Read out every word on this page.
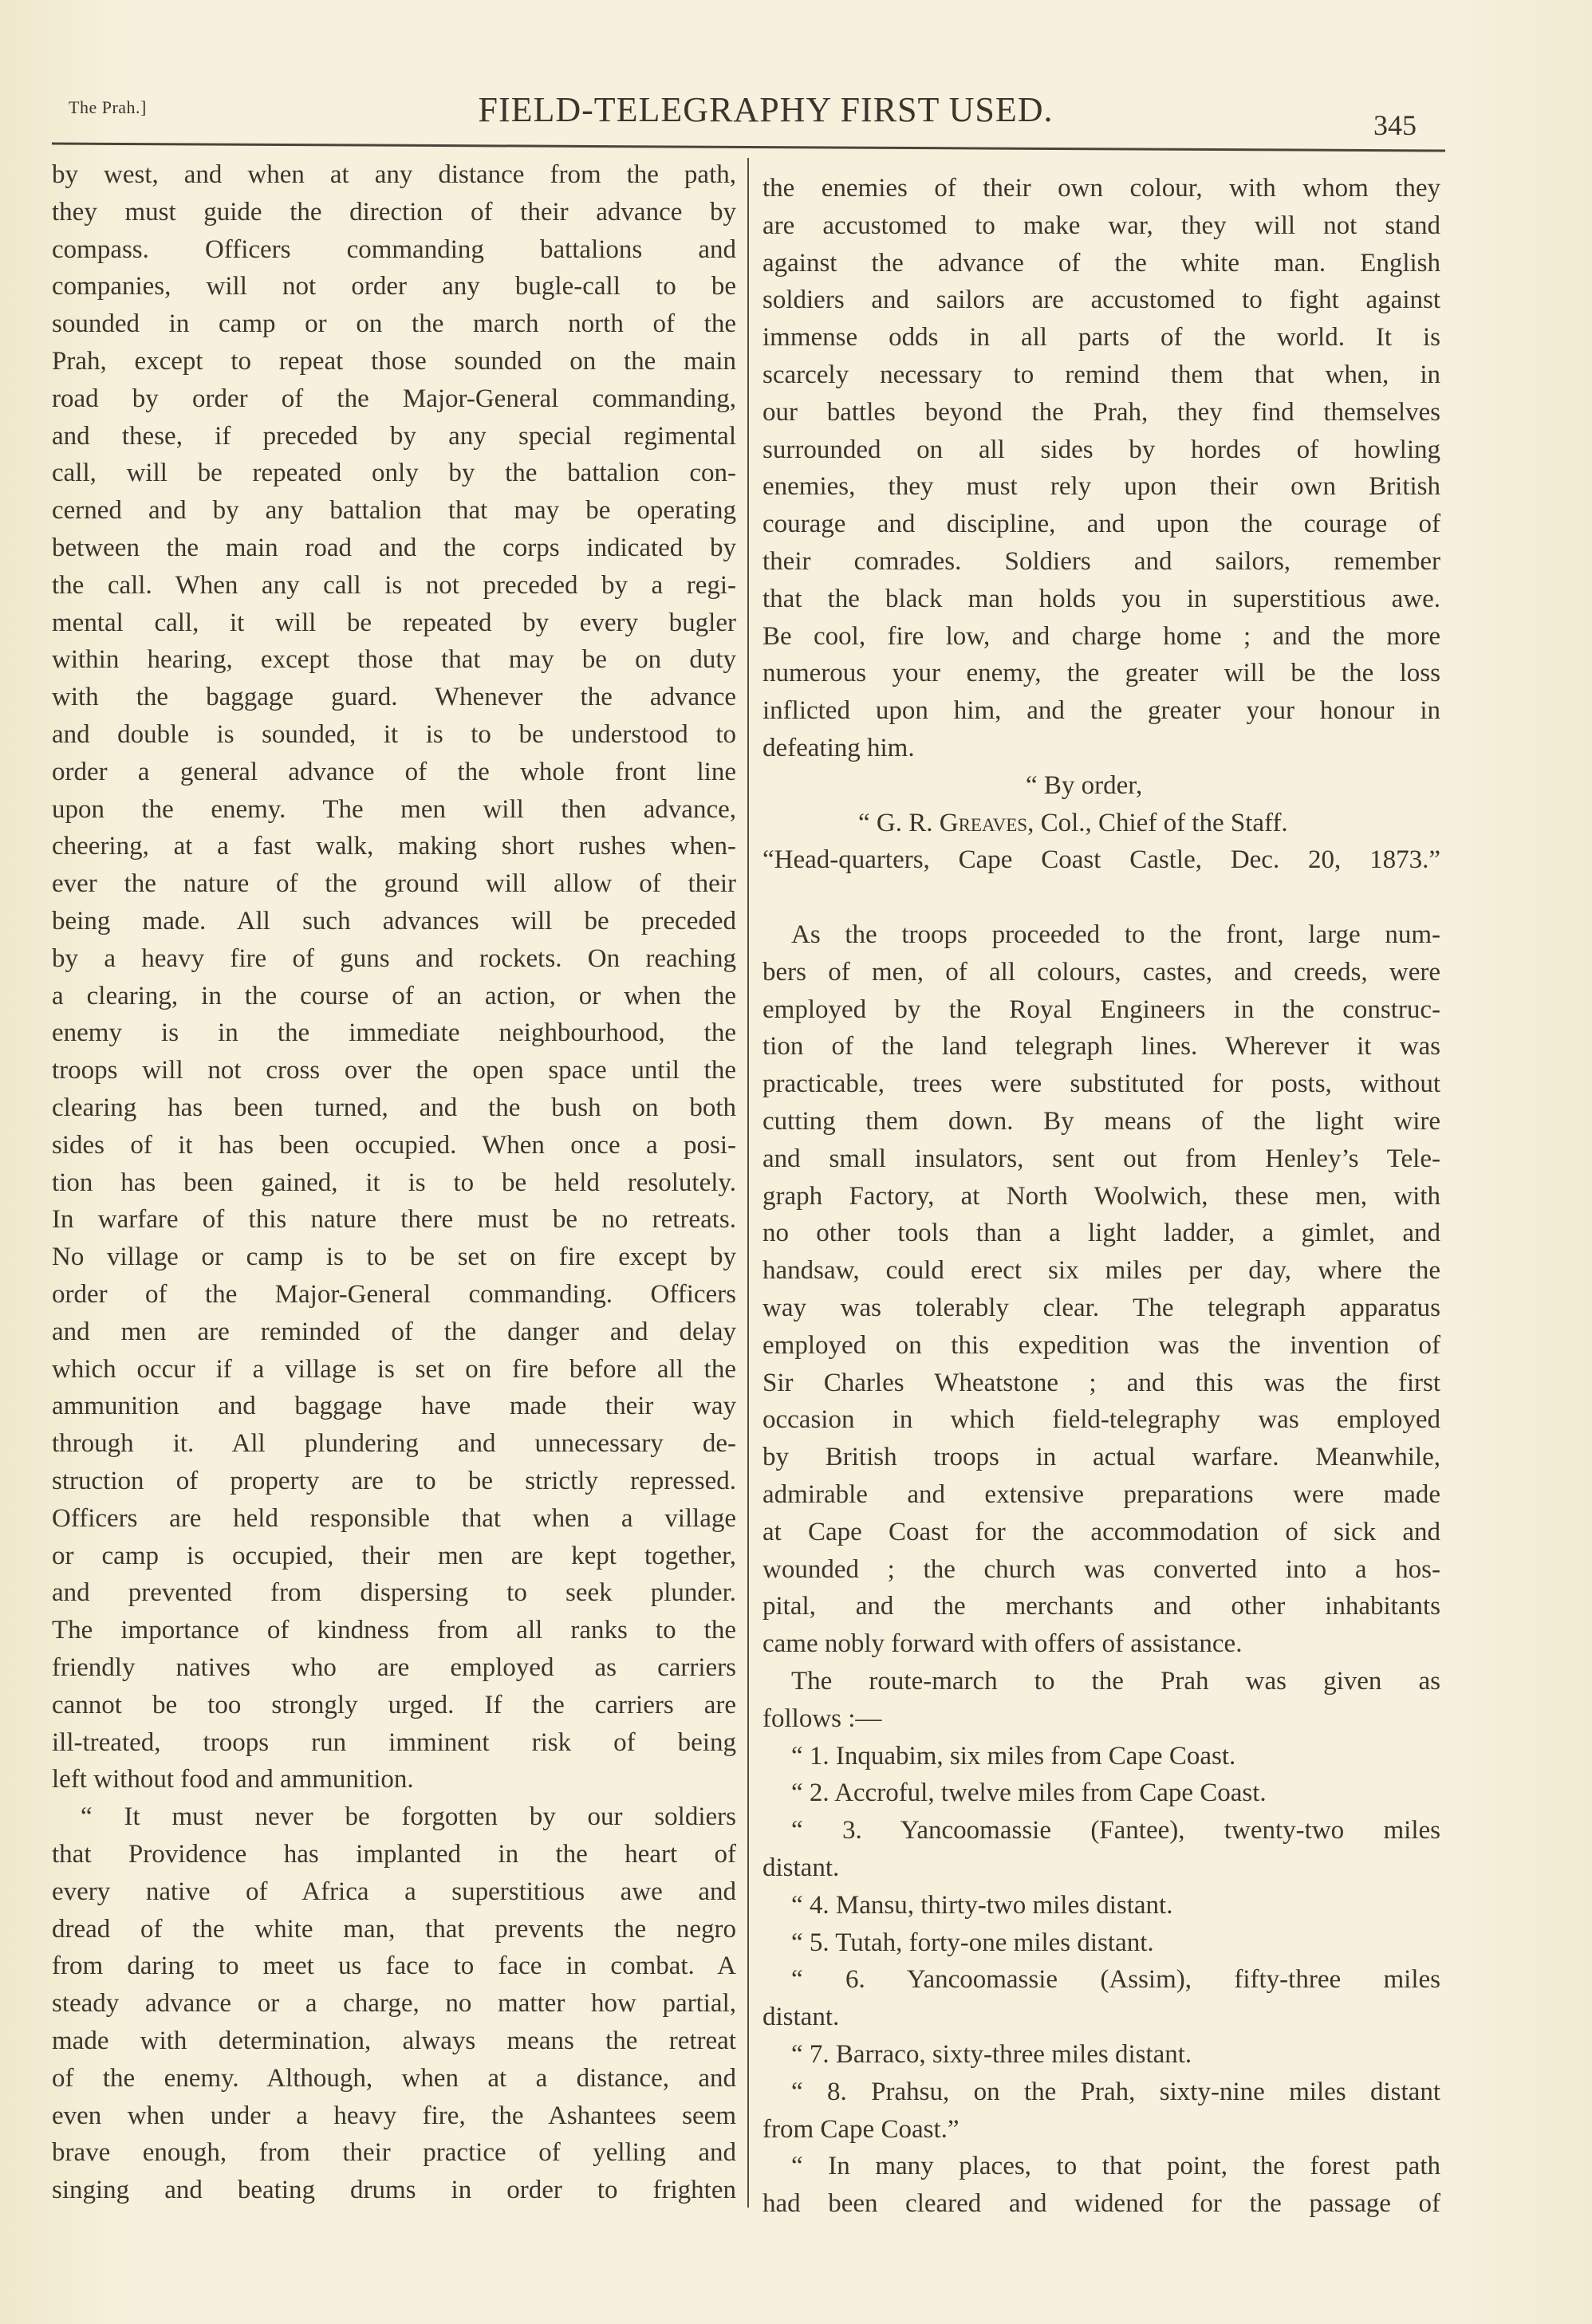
The Prah.]	FIELD-TELEGRAPHY FIRST USED.	345
by west, and when at any distance from the path,
they must guide the direction of their advance by
compass. Officers commanding battalions and
companies, will not order any bugle-call to be
sounded in camp or on the march north of the
Prah, except to repeat those sounded on the main
road by order of the Major-General commanding,
and these, if preceded by any special regimental
call, will be repeated only by the battalion con-
cerned and by any battalion that may be operating
between the main road and the corps indicated by
the call. When any call is not preceded by a regi-
mental call, it will be repeated by every bugler
within hearing, except those that may be on duty
with the baggage guard. Whenever the advance
and double is sounded, it is to be understood to
order a general advance of the whole front line
upon the enemy. The men will then advance,
cheering, at a fast walk, making short rushes when-
ever the nature of the ground will allow of their
being made. All such advances will be preceded
by a heavy fire of guns and rockets. On reaching
a clearing, in the course of an action, or when the
enemy is in the immediate neighbourhood, the
troops will not cross over the open space until the
clearing has been turned, and the bush on both
sides of it has been occupied. When once a posi-
tion has been gained, it is to be held resolutely.
In warfare of this nature there must be no retreats.
No village or camp is to be set on fire except by
order of the Major-General commanding. Officers
and men are reminded of the danger and delay
which occur if a village is set on fire before all the
ammunition and baggage have made their way
through it. All plundering and unnecessary de-
struction of property are to be strictly repressed.
Officers are held responsible that when a village
or camp is occupied, their men are kept together,
and prevented from dispersing to seek plunder.
The importance of kindness from all ranks to the
friendly natives who are employed as carriers
cannot be too strongly urged. If the carriers are
ill-treated, troops run imminent risk of being
left without food and ammunition.
“ It must never be forgotten by our soldiers
that Providence has implanted in the heart of
every native of Africa a superstitious awe and
dread of the white man, that prevents the negro
from daring to meet us face to face in combat. A
steady advance or a charge, no matter how partial,
made with determination, always means the retreat
of the enemy. Although, when at a distance, and
even when under a heavy fire, the Ashantees seem
brave enough, from their practice of yelling and
singing and beating drums in order to frighten
the enemies of their own colour, with whom they
are accustomed to make war, they will not stand
against the advance of the white man. English
soldiers and sailors are accustomed to fight against
immense odds in all parts of the world. It is
scarcely necessary to remind them that when, in
our battles beyond the Prah, they find themselves
surrounded on all sides by hordes of howling
enemies, they must rely upon their own British
courage and discipline, and upon the courage of
their comrades. Soldiers and sailors, remember
that the black man holds you in superstitious awe.
Be cool, fire low, and charge home ; and the more
numerous your enemy, the greater will be the loss
inflicted upon him, and the greater your honour in
defeating him.
“ By order,
“ G. R. Greaves, Col., Chief of the Staff.
“Head-quarters, Cape Coast Castle, Dec. 20, 1873.”
As the troops proceeded to the front, large num-
bers of men, of all colours, castes, and creeds, were
employed by the Royal Engineers in the construc-
tion of the land telegraph lines. Wherever it was
practicable, trees were substituted for posts, without
cutting them down. By means of the light wire
and small insulators, sent out from Henley’s Tele-
graph Factory, at North Woolwich, these men, with
no other tools than a light ladder, a gimlet, and
handsaw, could erect six miles per day, where the
way was tolerably clear. The telegraph apparatus
employed on this expedition was the invention of
Sir Charles Wheatstone ; and this was the first
occasion in which field-telegraphy was employed
by British troops in actual warfare. Meanwhile,
admirable and extensive preparations were made
at Cape Coast for the accommodation of sick and
wounded ; the church was converted into a hos-
pital, and the merchants and other inhabitants
came nobly forward with offers of assistance.
The route-march to the Prah was given as
follows :—
“ 1. Inquabim, six miles from Cape Coast.
“ 2. Accroful, twelve miles from Cape Coast.
“ 3. Yancoomassie (Fantee), twenty-two miles
distant.
“ 4. Mansu, thirty-two miles distant.
“ 5. Tutah, forty-one miles distant.
“ 6. Yancoomassie (Assim), fifty-three miles
distant.
“ 7. Barraco, sixty-three miles distant.
“ 8. Prahsu, on the Prah, sixty-nine miles distant
from Cape Coast.”
“ In many places, to that point, the forest path
had been cleared and widened for the passage of
